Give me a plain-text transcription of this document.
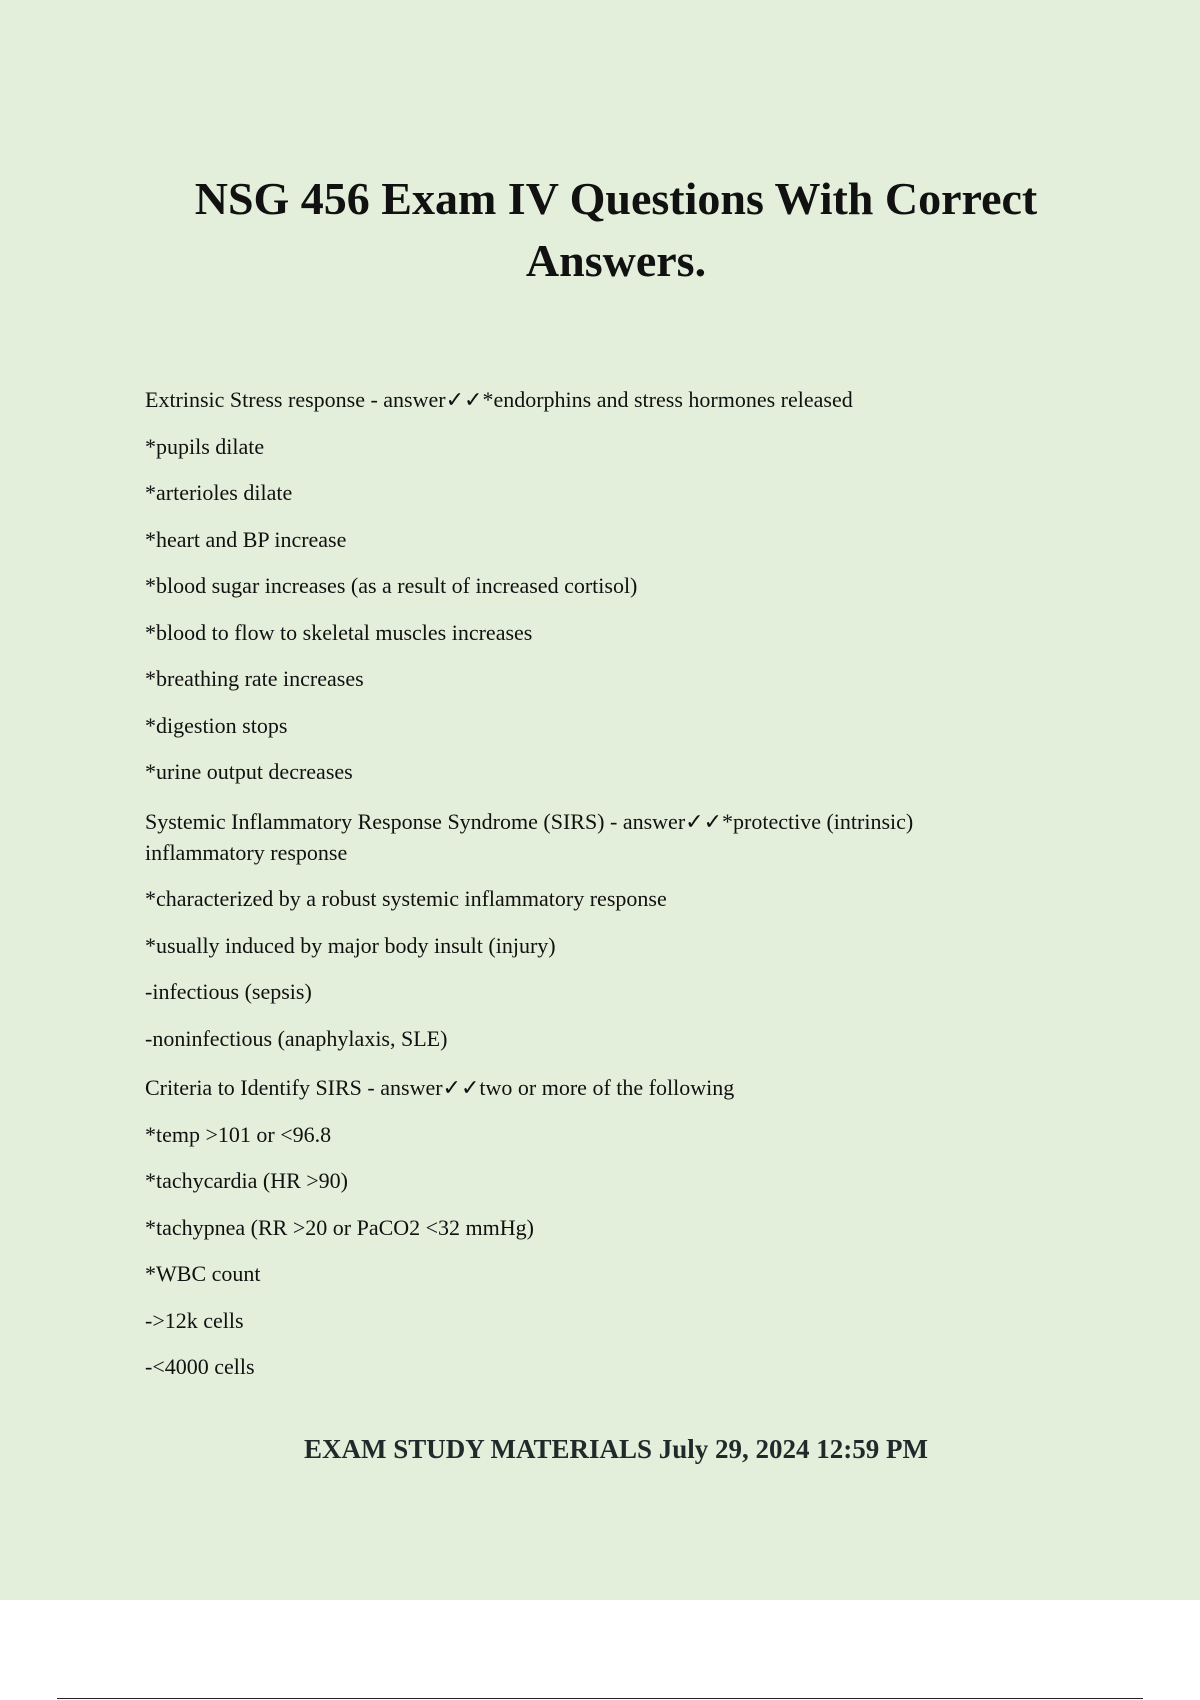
NSG 456 Exam IV Questions With Correct Answers.

Extrinsic Stress response - answer✓✓*endorphins and stress hormones released

*pupils dilate

*arterioles dilate

*heart and BP increase

*blood sugar increases (as a result of increased cortisol)

*blood to flow to skeletal muscles increases

*breathing rate increases

*digestion stops

*urine output decreases

Systemic Inflammatory Response Syndrome (SIRS) - answer✓✓*protective (intrinsic) inflammatory response

*characterized by a robust systemic inflammatory response

*usually induced by major body insult (injury)

-infectious (sepsis)

-noninfectious (anaphylaxis, SLE)

Criteria to Identify SIRS - answer✓✓two or more of the following

*temp >101 or <96.8

*tachycardia (HR >90)

*tachypnea (RR >20 or PaCO2 <32 mmHg)

*WBC count

->12k cells

-<4000 cells

EXAM STUDY MATERIALS July 29, 2024 12:59 PM
